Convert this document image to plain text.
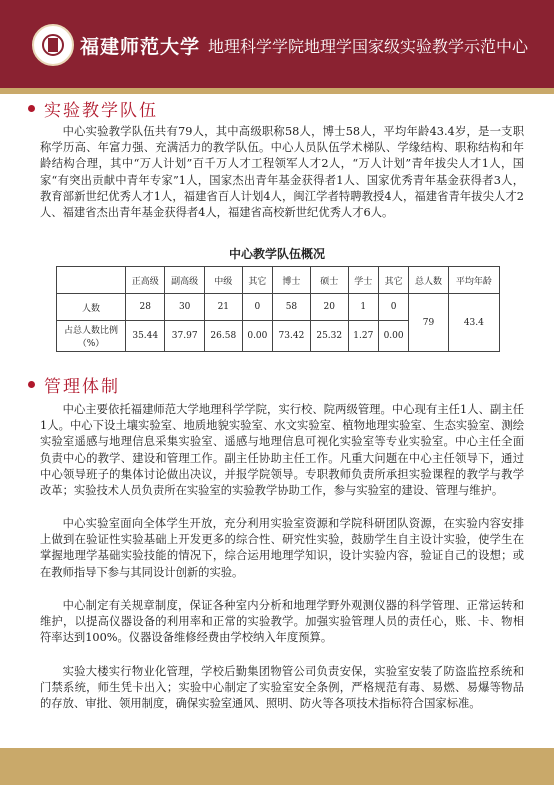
福建师范大学 地理科学学院地理学国家级实验教学示范中心
实验教学队伍

中心实验教学队伍共有79人，其中高级职称58人，博士58人，平均年龄43.4岁，是一支职称学历高、年富力强、充满活力的教学队伍。中心人员队伍学术梯队、学缘结构、职称结构和年龄结构合理，其中“万人计划”百千万人才工程领军人才2人，“万人计划”青年拔尖人才1人，国家“有突出贡献中青年专家”1人，国家杰出青年基金获得者1人、国家优秀青年基金获得者3人，教育部新世纪优秀人才1人，福建省百人计划4人，闽江学者特聘教授4人，福建省青年拔尖人才2人、福建省杰出青年基金获得者4人，福建省高校新世纪优秀人才6人。

中心教学队伍概况
	正高级	副高级	中级	其它	博士	硕士	学士	其它	总人数	平均年龄
人数	28	30	21	0	58	20	1	0	79	43.4
占总人数比例（%）	35.44	37.97	26.58	0.00	73.42	25.32	1.27	0.00		
管理体制

中心主要依托福建师范大学地理科学学院，实行校、院两级管理。中心现有主任1人、副主任1人。中心下设土壤实验室、地质地貌实验室、水文实验室、植物地理实验室、生态实验室、测绘实验室遥感与地理信息采集实验室、遥感与地理信息可视化实验室等专业实验室。中心主任全面负责中心的教学、建设和管理工作。副主任协助主任工作。凡重大问题在中心主任领导下，通过中心领导班子的集体讨论做出决议，并报学院领导。专职教师负责所承担实验课程的教学与教学改革；实验技术人员负责所在实验室的实验教学协助工作，参与实验室的建设、管理与维护。

中心实验室面向全体学生开放，充分利用实验室资源和学院科研团队资源，在实验内容安排上做到在验证性实验基础上开发更多的综合性、研究性实验，鼓励学生自主设计实验，使学生在掌握地理学基础实验技能的情况下，综合运用地理学知识，设计实验内容，验证自己的设想；或在教师指导下参与其同设计创新的实验。

中心制定有关规章制度，保证各种室内分析和地理学野外观测仪器的科学管理、正常运转和维护，以提高仪器设备的利用率和正常的实验教学。加强实验管理人员的责任心，账、卡、物相符率达到100%。仪器设备维修经费由学校纳入年度预算。

实验大楼实行物业化管理，学校后勤集团物管公司负责安保，实验室安装了防盗监控系统和门禁系统，师生凭卡出入；实验中心制定了实验室安全条例，严格规范有毒、易燃、易爆等物品的存放、审批、领用制度，确保实验室通风、照明、防火等各项技术指标符合国家标准。
